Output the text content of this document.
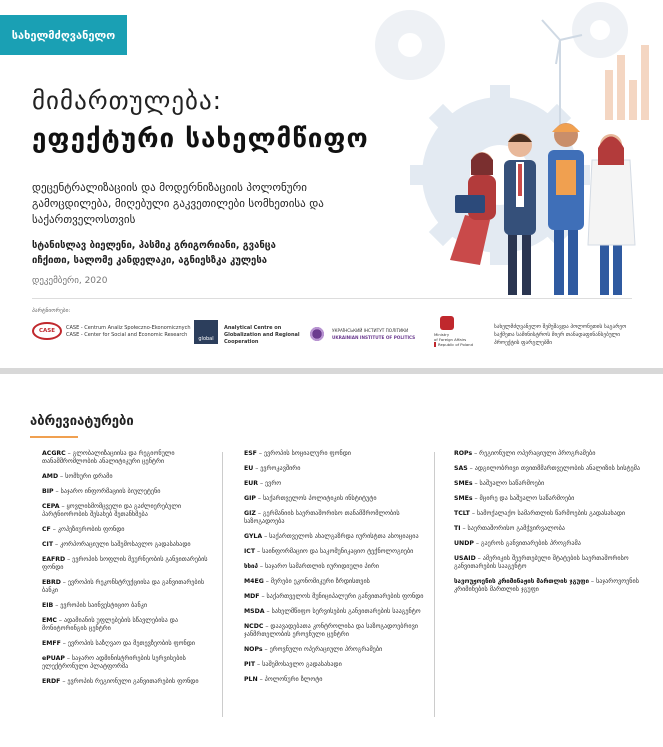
სახელმძღვანელო
მიმართულება:
ეფექტური სახელმწიფო
დეცენტრალიზაციის და მოდერნიზაციის პოლონური გამოცდილება, მიღებული გაკვეთილები სომხეთისა და საქართველოსთვის
სტანისლავ ბიელენი, ჰასმიკ გრიგორიანი, გვანცა იჩქითი, სალომე კანდელაკი, აგნიესზკა კულესა
დეკემბერი, 2020
პარტნიორები:
CASE	CASE - Centrum Analiz Społeczno-Ekonomicznych
CASE - Center for Social and Economic Research
global
Analytical Centre on
Globalization and Regional
Cooperation
УКРАЇНСЬКИЙ ІНСТИТУТ ПОЛІТИКИ
UKRAINIAN INSTITUTE OF POLITICS
Ministry
of Foreign Affairs
Republic of Poland
სახელმძღვანელო შემუშავდა პოლონეთის საგარეო საქმეთა სამინისტროს მიერ თანადაფინანსებული პროექტის ფარგლებში
აბრევიატურები
ACGRC – გლობალიზაციისა და რეგიონული თანამშრომლობის ანალიტიკური ცენტრი
AMD – სომხური დრამი
BIP – საჯარო ინფორმაციის ბიულეტენი
CEPA – ყოვლისმომცველი და გაძლიერებული პარტნიორობის შესახებ შეთანხმება
CF – კოჰეზიურობის ფონდი
CIT – კორპორაციული საშემოსავლო გადასახადი
EAFRD – ევროპის სოფლის მეურნეობის განვითარების ფონდი
EBRD – ევროპის რეკონსტრუქციისა და განვითარების ბანკი
EIB – ევროპის საინვესტიციო ბანკი
EMC – ადამიანის უფლებების სწავლებისა და მონიტორინგის ცენტრი
EMFF – ევროპის საზღვაო და მეთევზეობის ფონდი
ePUAP – საჯარო ადმინისტრირების სერვისების ელექტრონული პლატფორმა
ERDF – ევროპის რეგიონული განვითარების ფონდი
ESF – ევროპის სოციალური ფონდი
EU – ევროკავშირი
EUR – ევრო
GIP – საქართველოს პოლიტიკის ინსტიტუტი
GIZ – გერმანიის საერთაშორისო თანამშრომლობის საზოგადოება
GYLA – საქართველოს ახალგაზრდა იურისტთა ასოციაცია
ICT – საინფორმაციო და საკომუნიკაციო ტექნოლოგიები
ხხიპ – საჯარო სამართლის იურიდიული პირი
M4EG – მერები ეკონომიკური ზრდისთვის
MDF – საქართველოს მუნიციპალური განვითარების ფონდი
MSDA – სახელმწიფო სერვისების განვითარების სააგენტო
NCDC – დაავადებათა კონტროლისა და საზოგადოებრივი ჯანმრთელობის ეროვნული ცენტრი
NOPs – ეროვნული ოპერაციული პროგრამები
PIT – საშემოსავლო გადასახადი
PLN – პოლონური ზლოტი
ROPs – რეგიონული ოპერაციული პროგრამები
SAS – ადგილობრივი თვითმმართველობის ანალიზის სისტემა
SMEs – საშუალო საწარმოები
SMEs – მცირე და საშუალო საწარმოები
TCLT – სამოქალაქო სამართლის წარმოების გადასახადი
TI – საერთაშორისო გამჭვირვალობა
UNDP – გაეროს განვითარების პროგრამა
USAID – ამერიკის შეერთებული შტატების საერთაშორისო განვითარების სააგენტო
სავოუჟოენის კრიმინაჟის მართლის ჯგუფი – საჯაროვოენის კრიმინების მართლის ჯგუფი
